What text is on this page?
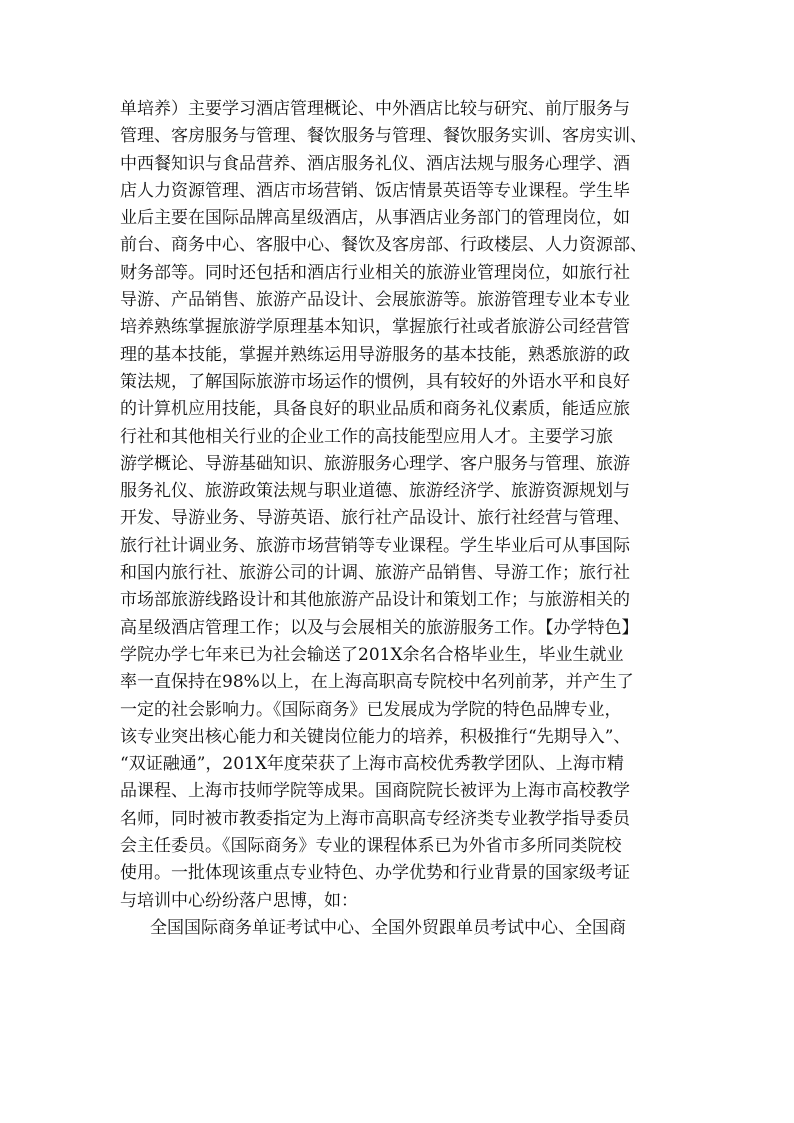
单培养）主要学习酒店管理概论、中外酒店比较与研究、前厅服务与
管理、客房服务与管理、餐饮服务与管理、餐饮服务实训、客房实训、
中西餐知识与食品营养、酒店服务礼仪、酒店法规与服务心理学、酒
店人力资源管理、酒店市场营销、饭店情景英语等专业课程。学生毕
业后主要在国际品牌高星级酒店，从事酒店业务部门的管理岗位，如
前台、商务中心、客服中心、餐饮及客房部、行政楼层、人力资源部、
财务部等。同时还包括和酒店行业相关的旅游业管理岗位，如旅行社
导游、产品销售、旅游产品设计、会展旅游等。旅游管理专业本专业
培养熟练掌握旅游学原理基本知识，掌握旅行社或者旅游公司经营管
理的基本技能，掌握并熟练运用导游服务的基本技能，熟悉旅游的政
策法规，了解国际旅游市场运作的惯例，具有较好的外语水平和良好
的计算机应用技能，具备良好的职业品质和商务礼仪素质，能适应旅
行社和其他相关行业的企业工作的高技能型应用人才。主要学习旅
游学概论、导游基础知识、旅游服务心理学、客户服务与管理、旅游
服务礼仪、旅游政策法规与职业道德、旅游经济学、旅游资源规划与
开发、导游业务、导游英语、旅行社产品设计、旅行社经营与管理、
旅行社计调业务、旅游市场营销等专业课程。学生毕业后可从事国际
和国内旅行社、旅游公司的计调、旅游产品销售、导游工作；旅行社
市场部旅游线路设计和其他旅游产品设计和策划工作；与旅游相关的
高星级酒店管理工作；以及与会展相关的旅游服务工作。【办学特色】
学院办学七年来已为社会输送了201X余名合格毕业生，毕业生就业
率一直保持在98%以上，在上海高职高专院校中名列前茅，并产生了
一定的社会影响力。《国际商务》已发展成为学院的特色品牌专业，
该专业突出核心能力和关键岗位能力的培养，积极推行“先期导入”、
“双证融通”，201X年度荣获了上海市高校优秀教学团队、上海市精
品课程、上海市技师学院等成果。国商院院长被评为上海市高校教学
名师，同时被市教委指定为上海市高职高专经济类专业教学指导委员
会主任委员。《国际商务》专业的课程体系已为外省市多所同类院校
使用。一批体现该重点专业特色、办学优势和行业背景的国家级考证
与培训中心纷纷落户思博，如：
全国国际商务单证考试中心、全国外贸跟单员考试中心、全国商
